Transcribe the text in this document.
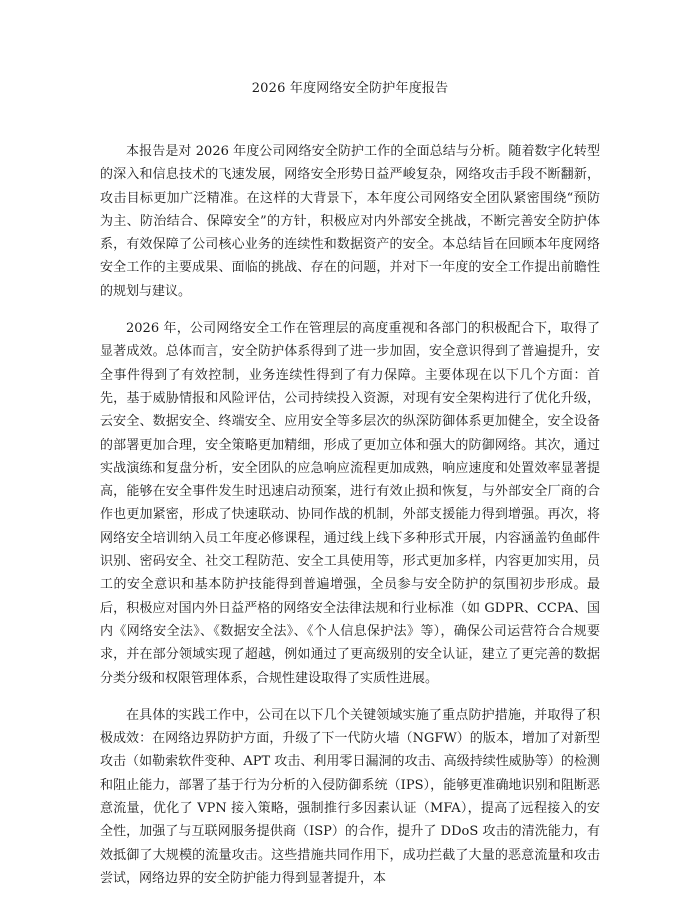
2026 年度网络安全防护年度报告

本报告是对 2026 年度公司网络安全防护工作的全面总结与分析。随着数字化转型的深入和信息技术的飞速发展，网络安全形势日益严峻复杂，网络攻击手段不断翻新，攻击目标更加广泛精准。在这样的大背景下，本年度公司网络安全团队紧密围绕“预防为主、防治结合、保障安全”的方针，积极应对内外部安全挑战，不断完善安全防护体系，有效保障了公司核心业务的连续性和数据资产的安全。本总结旨在回顾本年度网络安全工作的主要成果、面临的挑战、存在的问题，并对下一年度的安全工作提出前瞻性的规划与建议。

2026 年，公司网络安全工作在管理层的高度重视和各部门的积极配合下，取得了显著成效。总体而言，安全防护体系得到了进一步加固，安全意识得到了普遍提升，安全事件得到了有效控制，业务连续性得到了有力保障。主要体现在以下几个方面：首先，基于威胁情报和风险评估，公司持续投入资源，对现有安全架构进行了优化升级，云安全、数据安全、终端安全、应用安全等多层次的纵深防御体系更加健全，安全设备的部署更加合理，安全策略更加精细，形成了更加立体和强大的防御网络。其次，通过实战演练和复盘分析，安全团队的应急响应流程更加成熟，响应速度和处置效率显著提高，能够在安全事件发生时迅速启动预案，进行有效止损和恢复，与外部安全厂商的合作也更加紧密，形成了快速联动、协同作战的机制，外部支援能力得到增强。再次，将网络安全培训纳入员工年度必修课程，通过线上线下多种形式开展，内容涵盖钓鱼邮件识别、密码安全、社交工程防范、安全工具使用等，形式更加多样，内容更加实用，员工的安全意识和基本防护技能得到普遍增强，全员参与安全防护的氛围初步形成。最后，积极应对国内外日益严格的网络安全法律法规和行业标准（如 GDPR、CCPA、国内《网络安全法》、《数据安全法》、《个人信息保护法》等），确保公司运营符合合规要求，并在部分领域实现了超越，例如通过了更高级别的安全认证，建立了更完善的数据分类分级和权限管理体系，合规性建设取得了实质性进展。

在具体的实践工作中，公司在以下几个关键领域实施了重点防护措施，并取得了积极成效：在网络边界防护方面，升级了下一代防火墙（NGFW）的版本，增加了对新型攻击（如勒索软件变种、APT 攻击、利用零日漏洞的攻击、高级持续性威胁等）的检测和阻止能力，部署了基于行为分析的入侵防御系统（IPS），能够更准确地识别和阻断恶意流量，优化了 VPN 接入策略，强制推行多因素认证（MFA），提高了远程接入的安全性，加强了与互联网服务提供商（ISP）的合作，提升了 DDoS 攻击的清洗能力，有效抵御了大规模的流量攻击。这些措施共同作用下，成功拦截了大量的恶意流量和攻击尝试，网络边界的安全防护能力得到显著提升，本
